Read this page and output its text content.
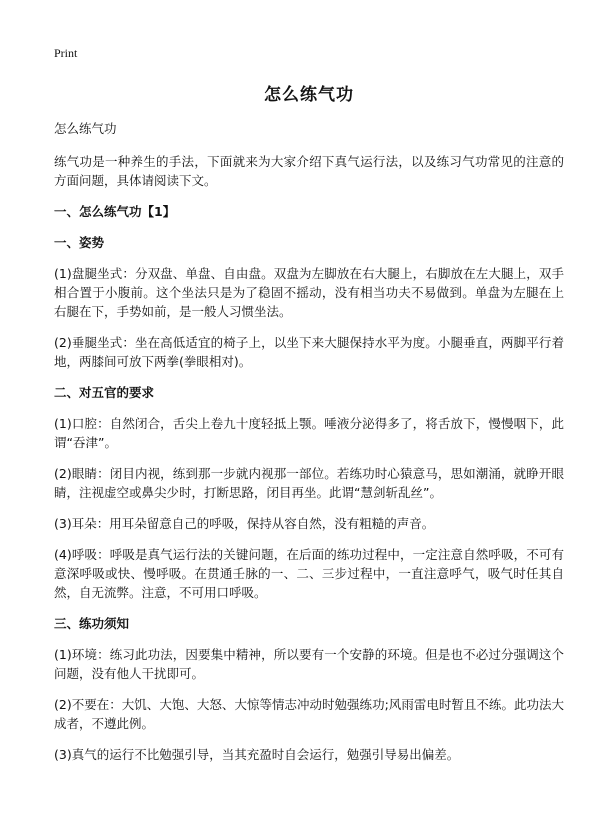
Print
怎么练气功

怎么练气功

练气功是一种养生的手法，下面就来为大家介绍下真气运行法，以及练习气功常见的注意的方面问题，具体请阅读下文。

一、怎么练气功【1】
一、姿势

(1)盘腿坐式：分双盘、单盘、自由盘。双盘为左脚放在右大腿上，右脚放在左大腿上，双手相合置于小腹前。这个坐法只是为了稳固不摇动，没有相当功夫不易做到。单盘为左腿在上右腿在下，手势如前，是一般人习惯坐法。

(2)垂腿坐式：坐在高低适宜的椅子上，以坐下来大腿保持水平为度。小腿垂直，两脚平行着地，两膝间可放下两拳(拳眼相对)。

二、对五官的要求

(1)口腔：自然闭合，舌尖上卷九十度轻抵上颚。唾液分泌得多了，将舌放下，慢慢咽下，此谓“吞津”。

(2)眼睛：闭目内视，练到那一步就内视那一部位。若练功时心猿意马，思如潮涌，就睁开眼睛，注视虚空或鼻尖少时，打断思路，闭目再坐。此谓“慧剑斩乱丝”。

(3)耳朵：用耳朵留意自己的呼吸，保持从容自然，没有粗糙的声音。

(4)呼吸：呼吸是真气运行法的关键问题，在后面的练功过程中，一定注意自然呼吸，不可有意深呼吸或快、慢呼吸。在贯通壬脉的一、二、三步过程中，一直注意呼气，吸气时任其自然，自无流弊。注意，不可用口呼吸。

三、练功须知

(1)环境：练习此功法，因要集中精神，所以要有一个安静的环境。但是也不必过分强调这个问题，没有他人干扰即可。

(2)不要在：大饥、大饱、大怒、大惊等情志冲动时勉强练功;风雨雷电时暂且不练。此功法大成者，不遵此例。

(3)真气的运行不比勉强引导，当其充盈时自会运行，勉强引导易出偏差。
